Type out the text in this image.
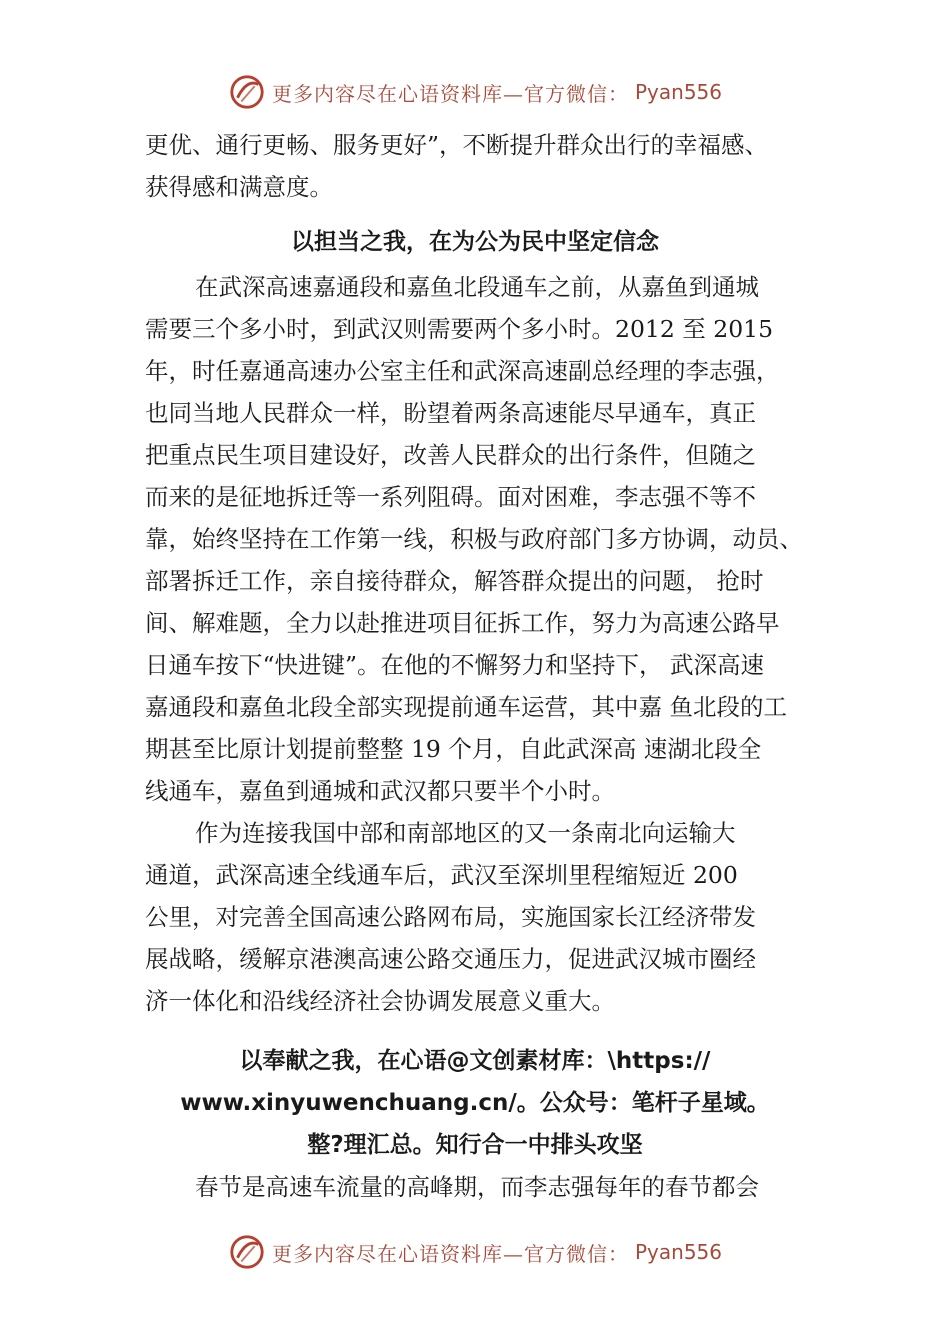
更多内容尽在心语资料库—官方微信： Pyan556
更优、通行更畅、服务更好”，不断提升群众出行的幸福感、
获得感和满意度。
以担当之我，在为公为民中坚定信念
在武深高速嘉通段和嘉鱼北段通车之前，从嘉鱼到通城
需要三个多小时，到武汉则需要两个多小时。2012 至 2015
年，时任嘉通高速办公室主任和武深高速副总经理的李志强，
也同当地人民群众一样，盼望着两条高速能尽早通车，真正
把重点民生项目建设好，改善人民群众的出行条件，但随之
而来的是征地拆迁等一系列阻碍。面对困难，李志强不等不
靠，始终坚持在工作第一线，积极与政府部门多方协调，动员、
部署拆迁工作，亲自接待群众，解答群众提出的问题， 抢时
间、解难题，全力以赴推进项目征拆工作，努力为高速公路早
日通车按下“快进键”。在他的不懈努力和坚持下， 武深高速
嘉通段和嘉鱼北段全部实现提前通车运营，其中嘉 鱼北段的工
期甚至比原计划提前整整 19 个月，自此武深高 速湖北段全
线通车，嘉鱼到通城和武汉都只要半个小时。
作为连接我国中部和南部地区的又一条南北向运输大
通道，武深高速全线通车后，武汉至深圳里程缩短近 200
公里，对完善全国高速公路网布局，实施国家长江经济带发
展战略，缓解京港澳高速公路交通压力，促进武汉城市圈经
济一体化和沿线经济社会协调发展意义重大。
以奉献之我，在心语@文创素材库：\https://
www.xinyuwenchuang.cn/。公众号：笔杆子星域。
整?理汇总。知行合一中排头攻坚
春节是高速车流量的高峰期，而李志强每年的春节都会
更多内容尽在心语资料库—官方微信： Pyan556
